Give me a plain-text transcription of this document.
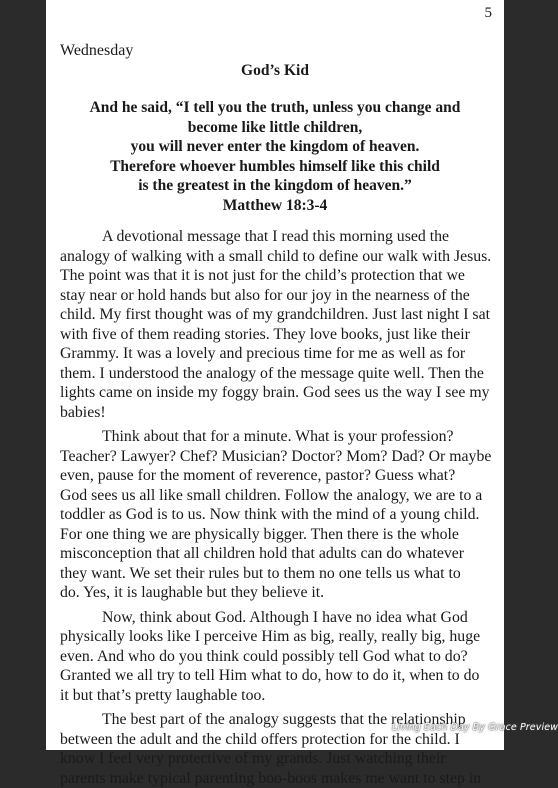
5
Wednesday
God’s Kid
And he said, “I tell you the truth, unless you change and
become like little children,
you will never enter the kingdom of heaven.
Therefore whoever humbles himself like this child
is the greatest in the kingdom of heaven.”
Matthew 18:3-4
A devotional message that I read this morning used the
analogy of walking with a small child to define our walk with Jesus.
The point was that it is not just for the child’s protection that we
stay near or hold hands but also for our joy in the nearness of the
child. My first thought was of my grandchildren. Just last night I sat
with five of them reading stories. They love books, just like their
Grammy. It was a lovely and precious time for me as well as for
them. I understood the analogy of the message quite well. Then the
lights came on inside my foggy brain. God sees us the way I see my
babies!
Think about that for a minute. What is your profession?
Teacher? Lawyer? Chef? Musician? Doctor? Mom? Dad? Or maybe
even, pause for the moment of reverence, pastor? Guess what?
God sees us all like small children. Follow the analogy, we are to a
toddler as God is to us. Now think with the mind of a young child.
For one thing we are physically bigger. Then there is the whole
misconception that all children hold that adults can do whatever
they want. We set their rules but to them no one tells us what to
do. Yes, it is laughable but they believe it.
Now, think about God. Although I have no idea what God
physically looks like I perceive Him as big, really, really big, huge
even. And who do you think could possibly tell God what to do?
Granted we all try to tell Him what to do, how to do it, when to do
it but that’s pretty laughable too.
The best part of the analogy suggests that the relationship
between the adult and the child offers protection for the child. I
know I feel very protective of my grands. Just watching their
parents make typical parenting boo-boos makes me want to step in
Living Each Day By Grace Preview
